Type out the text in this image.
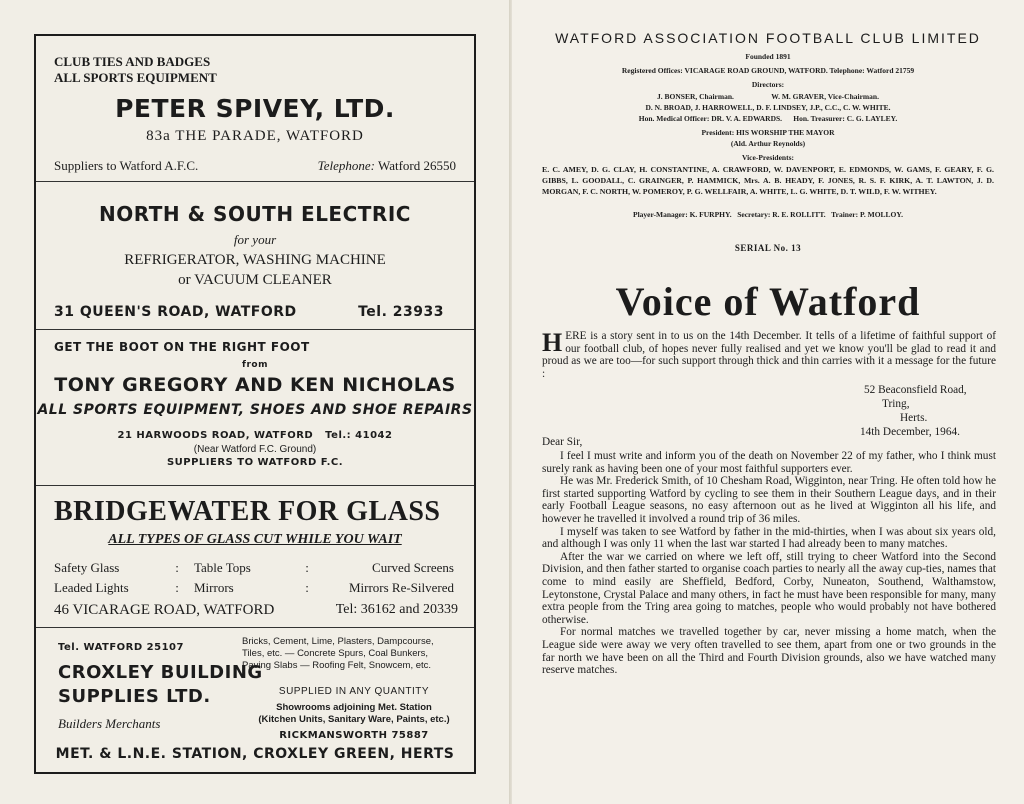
CLUB TIES AND BADGES
ALL SPORTS EQUIPMENT
PETER SPIVEY, LTD.
83a THE PARADE, WATFORD
Suppliers to Watford A.F.C.	Telephone: Watford 26550
NORTH & SOUTH ELECTRIC
for your
REFRIGERATOR, WASHING MACHINE
or VACUUM CLEANER
31 QUEEN'S ROAD, WATFORD	Tel. 23933
GET THE BOOT ON THE RIGHT FOOT
from
TONY GREGORY AND KEN NICHOLAS
ALL SPORTS EQUIPMENT, SHOES AND SHOE REPAIRS
21 HARWOODS ROAD, WATFORD Tel.: 41042
(Near Watford F.C. Ground)
SUPPLIERS TO WATFORD F.C.
BRIDGEWATER FOR GLASS
ALL TYPES OF GLASS CUT WHILE YOU WAIT
Safety Glass	:	Table Tops	:	Curved Screens
Leaded Lights	:	Mirrors	:	Mirrors Re-Silvered
46 VICARAGE ROAD, WATFORD	Tel: 36162 and 20339
Tel. WATFORD 25107
CROXLEY BUILDING
SUPPLIES LTD.
Builders Merchants
Bricks, Cement, Lime, Plasters, Dampcourse,
Tiles, etc. — Concrete Spurs, Coal Bunkers,
Paving Slabs — Roofing Felt, Snowcem, etc.
SUPPLIED IN ANY QUANTITY
Showrooms adjoining Met. Station
(Kitchen Units, Sanitary Ware, Paints, etc.)
RICKMANSWORTH 75887
MET. & L.N.E. STATION, CROXLEY GREEN, HERTS
WATFORD ASSOCIATION FOOTBALL CLUB LIMITED
Founded 1891
Registered Offices: VICARAGE ROAD GROUND, WATFORD. Telephone: Watford 21759
Directors:
J. BONSER, Chairman.                    W. M. GRAVER, Vice-Chairman.
D. N. BROAD, J. HARROWELL, D. F. LINDSEY, J.P., C.C., C. W. WHITE.
Hon. Medical Officer: DR. V. A. EDWARDS.      Hon. Treasurer: C. G. LAYLEY.
President: HIS WORSHIP THE MAYOR
(Ald. Arthur Reynolds)
Vice-Presidents:
E. C. AMEY, D. G. CLAY, H. CONSTANTINE, A. CRAWFORD, W. DAVENPORT, E. EDMONDS, W. GAMS, F. GEARY, F. G. GIBBS, L. GOODALL, C. GRAINGER, P. HAMMICK, Mrs. A. B. HEADY, F. JONES, R. S. F. KIRK, A. T. LAWTON, J. D. MORGAN, F. C. NORTH, W. POMEROY, P. G. WELLFAIR, A. WHITE, L. G. WHITE, D. T. WILD, F. W. WITHEY.
Player-Manager: K. FURPHY.   Secretary: R. E. ROLLITT.   Trainer: P. MOLLOY.
SERIAL No. 13
Voice of Watford

HERE is a story sent in to us on the 14th December. It tells of a lifetime of faithful support of our football club, of hopes never fully realised and yet we know you'll be glad to read it and proud as we are too—for such support through thick and thin carries with it a message for the future :

52 Beaconsfield Road,
Tring,
Herts.
14th December, 1964.
Dear Sir,

I feel I must write and inform you of the death on November 22 of my father, who I think must surely rank as having been one of your most faithful supporters ever.

He was Mr. Frederick Smith, of 10 Chesham Road, Wigginton, near Tring. He often told how he first started supporting Watford by cycling to see them in their Southern League days, and in their early Football League seasons, no easy afternoon out as he lived at Wigginton all his life, and however he travelled it involved a round trip of 36 miles.

I myself was taken to see Watford by father in the mid-thirties, when I was about six years old, and although I was only 11 when the last war started I had already been to many matches.

After the war we carried on where we left off, still trying to cheer Watford into the Second Division, and then father started to organise coach parties to nearly all the away cup-ties, names that come to mind easily are Sheffield, Bedford, Corby, Nuneaton, Southend, Walthamstow, Leytonstone, Crystal Palace and many others, in fact he must have been responsible for many, many extra people from the Tring area going to matches, people who would probably not have bothered otherwise.

For normal matches we travelled together by car, never missing a home match, when the League side were away we very often travelled to see them, apart from one or two grounds in the far north we have been on all the Third and Fourth Division grounds, also we have watched many reserve matches.
